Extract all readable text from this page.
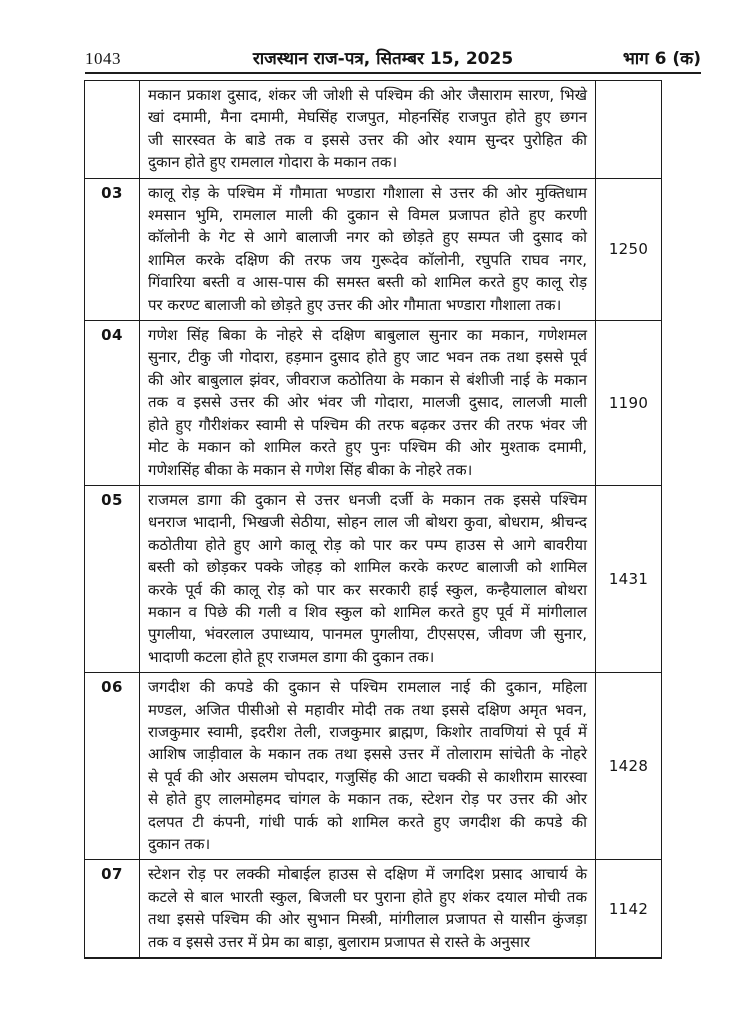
1043	राजस्थान राज-पत्र, सितम्बर 15, 2025	भाग 6 (क)
मकान प्रकाश दुसाद, शंकर जी जोशी से पश्चिम की ओर जैसाराम सारण, भिखे
खां दमामी, मैना दमामी, मेघसिंह राजपुत, मोहनसिंह राजपुत होते हुए छगन
जी सारस्वत के बाडे तक व इससे उत्तर की ओर श्याम सुन्दर पुरोहित की
दुकान होते हुए रामलाल गोदारा के मकान तक।
03	कालू रोड़ के पश्चिम में गौमाता भण्डारा गौशाला से उत्तर की ओर मुक्तिधाम
श्मसान भुमि, रामलाल माली की दुकान से विमल प्रजापत होते हुए करणी
कॉलोनी के गेट से आगे बालाजी नगर को छोड़ते हुए सम्पत जी दुसाद को
शामिल करके दक्षिण की तरफ जय गुरूदेव कॉलोनी, रघुपति राघव नगर,
गिंवारिया बस्ती व आस-पास की समस्त बस्ती को शामिल करते हुए कालू रोड़
पर करण्ट बालाजी को छोड़ते हुए उत्तर की ओर गौमाता भण्डारा गौशाला तक।
1250
04	गणेश सिंह बिका के नोहरे से दक्षिण बाबुलाल सुनार का मकान, गणेशमल
सुनार, टीकु जी गोदारा, हड़मान दुसाद होते हुए जाट भवन तक तथा इससे पूर्व
की ओर बाबुलाल झंवर, जीवराज कठोतिया के मकान से बंशीजी नाई के मकान
तक व इससे उत्तर की ओर भंवर जी गोदारा, मालजी दुसाद, लालजी माली
होते हुए गौरीशंकर स्वामी से पश्चिम की तरफ बढ़कर उत्तर की तरफ भंवर जी
मोट के मकान को शामिल करते हुए पुनः पश्चिम की ओर मुश्ताक दमामी,
गणेशसिंह बीका के मकान से गणेश सिंह बीका के नोहरे तक।
1190
05	राजमल डागा की दुकान से उत्तर धनजी दर्जी के मकान तक इससे पश्चिम
धनराज भादानी, भिखजी सेठीया, सोहन लाल जी बोथरा कुवा, बोधराम, श्रीचन्द
कठोतीया होते हुए आगे कालू रोड़ को पार कर पम्प हाउस से आगे बावरीया
बस्ती को छोड़कर पक्के जोहड़ को शामिल करके करण्ट बालाजी को शामिल
करके पूर्व की कालू रोड़ को पार कर सरकारी हाई स्कुल, कन्हैयालाल बोथरा
मकान व पिछे की गली व शिव स्कुल को शामिल करते हुए पूर्व में मांगीलाल
पुगलीया, भंवरलाल उपाध्याय, पानमल पुगलीया, टीएसएस, जीवण जी सुनार,
भादाणी कटला होते हूए राजमल डागा की दुकान तक।
1431
06	जगदीश की कपडे की दुकान से पश्चिम रामलाल नाई की दुकान, महिला
मण्डल, अजित पीसीओ से महावीर मोदी तक तथा इससे दक्षिण अमृत भवन,
राजकुमार स्वामी, इदरीश तेली, राजकुमार ब्राह्मण, किशोर तावणियां से पूर्व में
आशिष जाड़ीवाल के मकान तक तथा इससे उत्तर में तोलाराम सांचेती के नोहरे
से पूर्व की ओर असलम चोपदार, गजुसिंह की आटा चक्की से काशीराम सारस्वा
से होते हुए लालमोहमद चांगल के मकान तक, स्टेशन रोड़ पर उत्तर की ओर
दलपत टी कंपनी, गांधी पार्क को शामिल करते हुए जगदीश की कपडे की
दुकान तक।
1428
07	स्टेशन रोड़ पर लक्की मोबाईल हाउस से दक्षिण में जगदिश प्रसाद आचार्य के
कटले से बाल भारती स्कुल, बिजली घर पुराना होते हुए शंकर दयाल मोची तक
तथा इससे पश्चिम की ओर सुभान मिस्त्री, मांगीलाल प्रजापत से यासीन कुंजड़ा
तक व इससे उत्तर में प्रेम का बाड़ा, बुलाराम प्रजापत से रास्ते के अनुसार
1142
